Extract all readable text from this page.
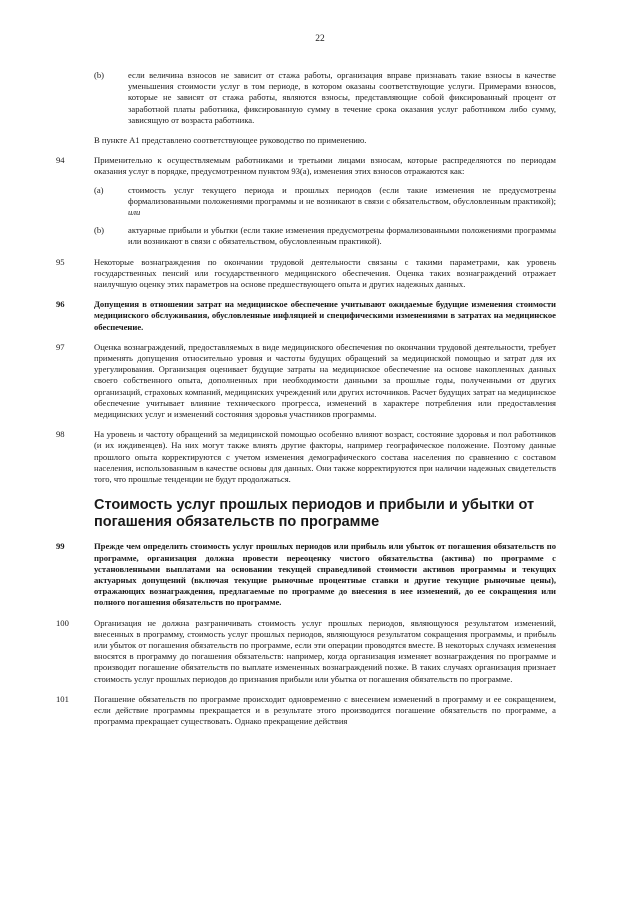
22
(b)	если величина взносов не зависит от стажа работы, организация вправе признавать такие взносы в качестве уменьшения стоимости услуг в том периоде, в котором оказаны соответствующие услуги. Примерами взносов, которые не зависят от стажа работы, являются взносы, представляющие собой фиксированный процент от заработной платы работника, фиксированную сумму в течение срока оказания услуг работником либо сумму, зависящую от возраста работника.
В пункте A1 представлено соответствующее руководство по применению.
94	Применительно к осуществляемым работниками и третьими лицами взносам, которые распределяются по периодам оказания услуг в порядке, предусмотренном пунктом 93(a), изменения этих взносов отражаются как:
(a)	стоимость услуг текущего периода и прошлых периодов (если такие изменения не предусмотрены формализованными положениями программы и не возникают в связи с обязательством, обусловленным практикой); или
(b)	актуарные прибыли и убытки (если такие изменения предусмотрены формализованными положениями программы или возникают в связи с обязательством, обусловленным практикой).
95	Некоторые вознаграждения по окончании трудовой деятельности связаны с такими параметрами, как уровень государственных пенсий или государственного медицинского обеспечения. Оценка таких вознаграждений отражает наилучшую оценку этих параметров на основе предшествующего опыта и других надежных данных.
96	Допущения в отношении затрат на медицинское обеспечение учитывают ожидаемые будущие изменения стоимости медицинского обслуживания, обусловленные инфляцией и специфическими изменениями в затратах на медицинское обеспечение.
97	Оценка вознаграждений, предоставляемых в виде медицинского обеспечения по окончании трудовой деятельности, требует применять допущения относительно уровня и частоты будущих обращений за медицинской помощью и затрат для их урегулирования. Организация оценивает будущие затраты на медицинское обеспечение на основе накопленных данных своего собственного опыта, дополненных при необходимости данными за прошлые годы, полученными от других организаций, страховых компаний, медицинских учреждений или других источников. Расчет будущих затрат на медицинское обеспечение учитывает влияние технического прогресса, изменений в характере потребления или предоставления медицинских услуг и изменений состояния здоровья участников программы.
98	На уровень и частоту обращений за медицинской помощью особенно влияют возраст, состояние здоровья и пол работников (и их иждивенцев). На них могут также влиять другие факторы, например географическое положение. Поэтому данные прошлого опыта корректируются с учетом изменения демографического состава населения по сравнению с составом населения, использованным в качестве основы для данных. Они также корректируются при наличии надежных свидетельств того, что прошлые тенденции не будут продолжаться.
Стоимость услуг прошлых периодов и прибыли и убытки от погашения обязательств по программе
99	Прежде чем определить стоимость услуг прошлых периодов или прибыль или убыток от погашения обязательств по программе, организация должна провести переоценку чистого обязательства (актива) по программе с установленными выплатами на основании текущей справедливой стоимости активов программы и текущих актуарных допущений (включая текущие рыночные процентные ставки и другие текущие рыночные цены), отражающих вознаграждения, предлагаемые по программе до внесения в нее изменений, до ее сокращения или полного погашения обязательств по программе.
100	Организация не должна разграничивать стоимость услуг прошлых периодов, являющуюся результатом изменений, внесенных в программу, стоимость услуг прошлых периодов, являющуюся результатом сокращения программы, и прибыль или убыток от погашения обязательств по программе, если эти операции проводятся вместе. В некоторых случаях изменения вносятся в программу до погашения обязательств: например, когда организация изменяет вознаграждения по программе и производит погашение обязательств по выплате измененных вознаграждений позже. В таких случаях организация признает стоимость услуг прошлых периодов до признания прибыли или убытка от погашения обязательств по программе.
101	Погашение обязательств по программе происходит одновременно с внесением изменений в программу и ее сокращением, если действие программы прекращается и в результате этого производится погашение обязательств по программе, а программа прекращает существовать. Однако прекращение действия
